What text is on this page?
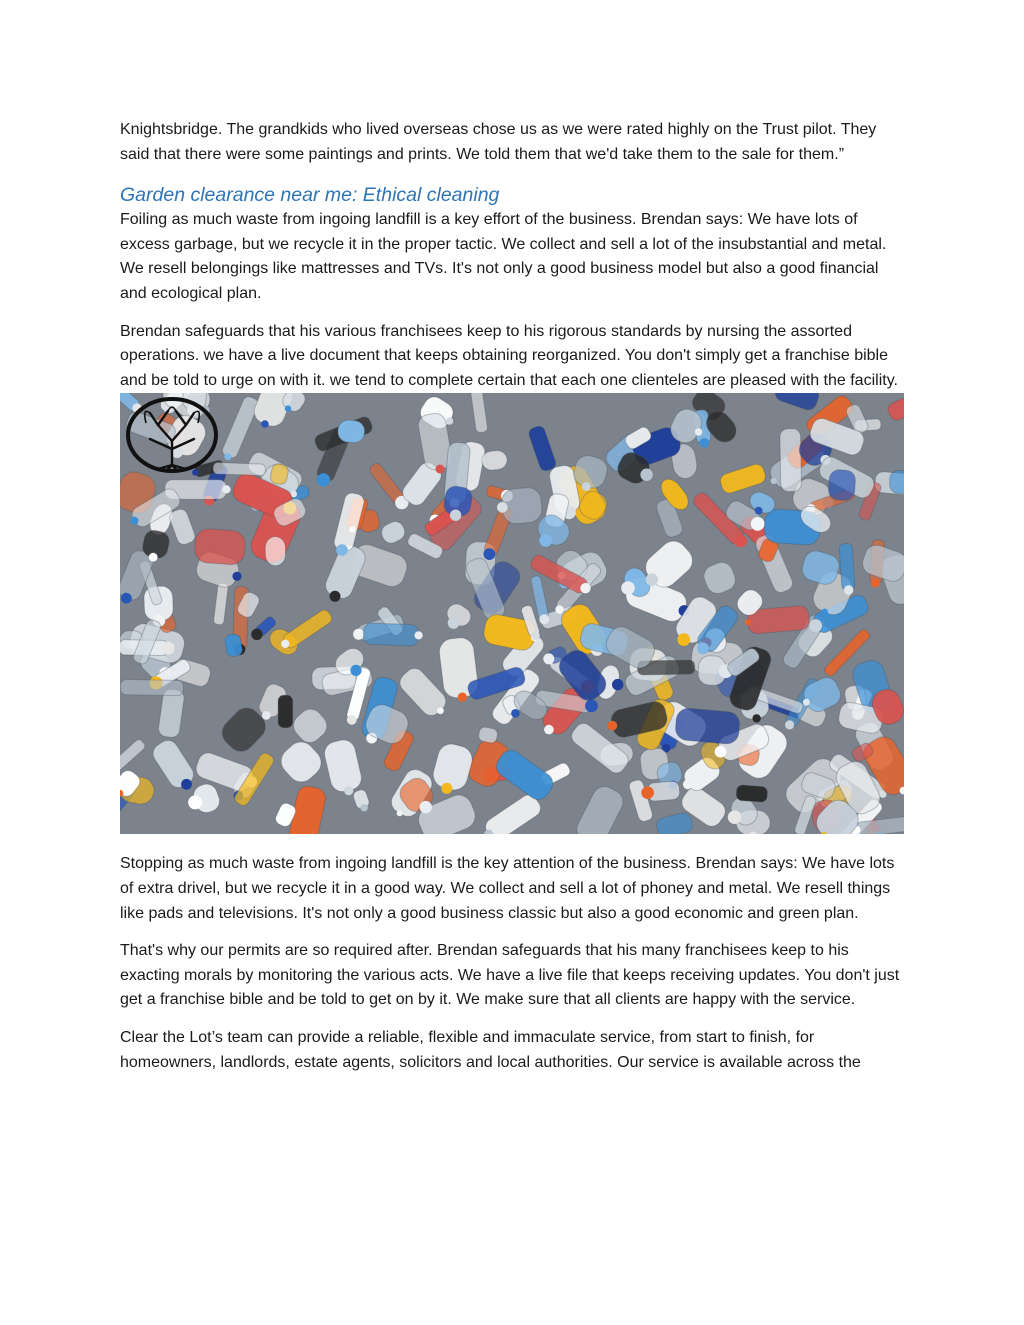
Knightsbridge. The grandkids who lived overseas chose us as we were rated highly on the Trust pilot. They said that there were some paintings and prints. We told them that we'd take them to the sale for them.”

Garden clearance near me: Ethical cleaning

Foiling as much waste from ingoing landfill is a key effort of the business. Brendan says: We have lots of excess garbage, but we recycle it in the proper tactic. We collect and sell a lot of the insubstantial and metal. We resell belongings like mattresses and TVs. It's not only a good business model but also a good financial and ecological plan.

Brendan safeguards that his various franchisees keep to his rigorous standards by nursing the assorted operations. we have a live document that keeps obtaining reorganized. You don't simply get a franchise bible and be told to urge on with it. we tend to complete certain that each one clienteles are pleased with the facility.

Stopping as much waste from ingoing landfill is the key attention of the business. Brendan says: We have lots of extra drivel, but we recycle it in a good way. We collect and sell a lot of phoney and metal. We resell things like pads and televisions. It's not only a good business classic but also a good economic and green plan.

That's why our permits are so required after. Brendan safeguards that his many franchisees keep to his exacting morals by monitoring the various acts. We have a live file that keeps receiving updates. You don't just get a franchise bible and be told to get on by it. We make sure that all clients are happy with the service.

Clear the Lot’s team can provide a reliable, flexible and immaculate service, from start to finish, for homeowners, landlords, estate agents, solicitors and local authorities. Our service is available across the
